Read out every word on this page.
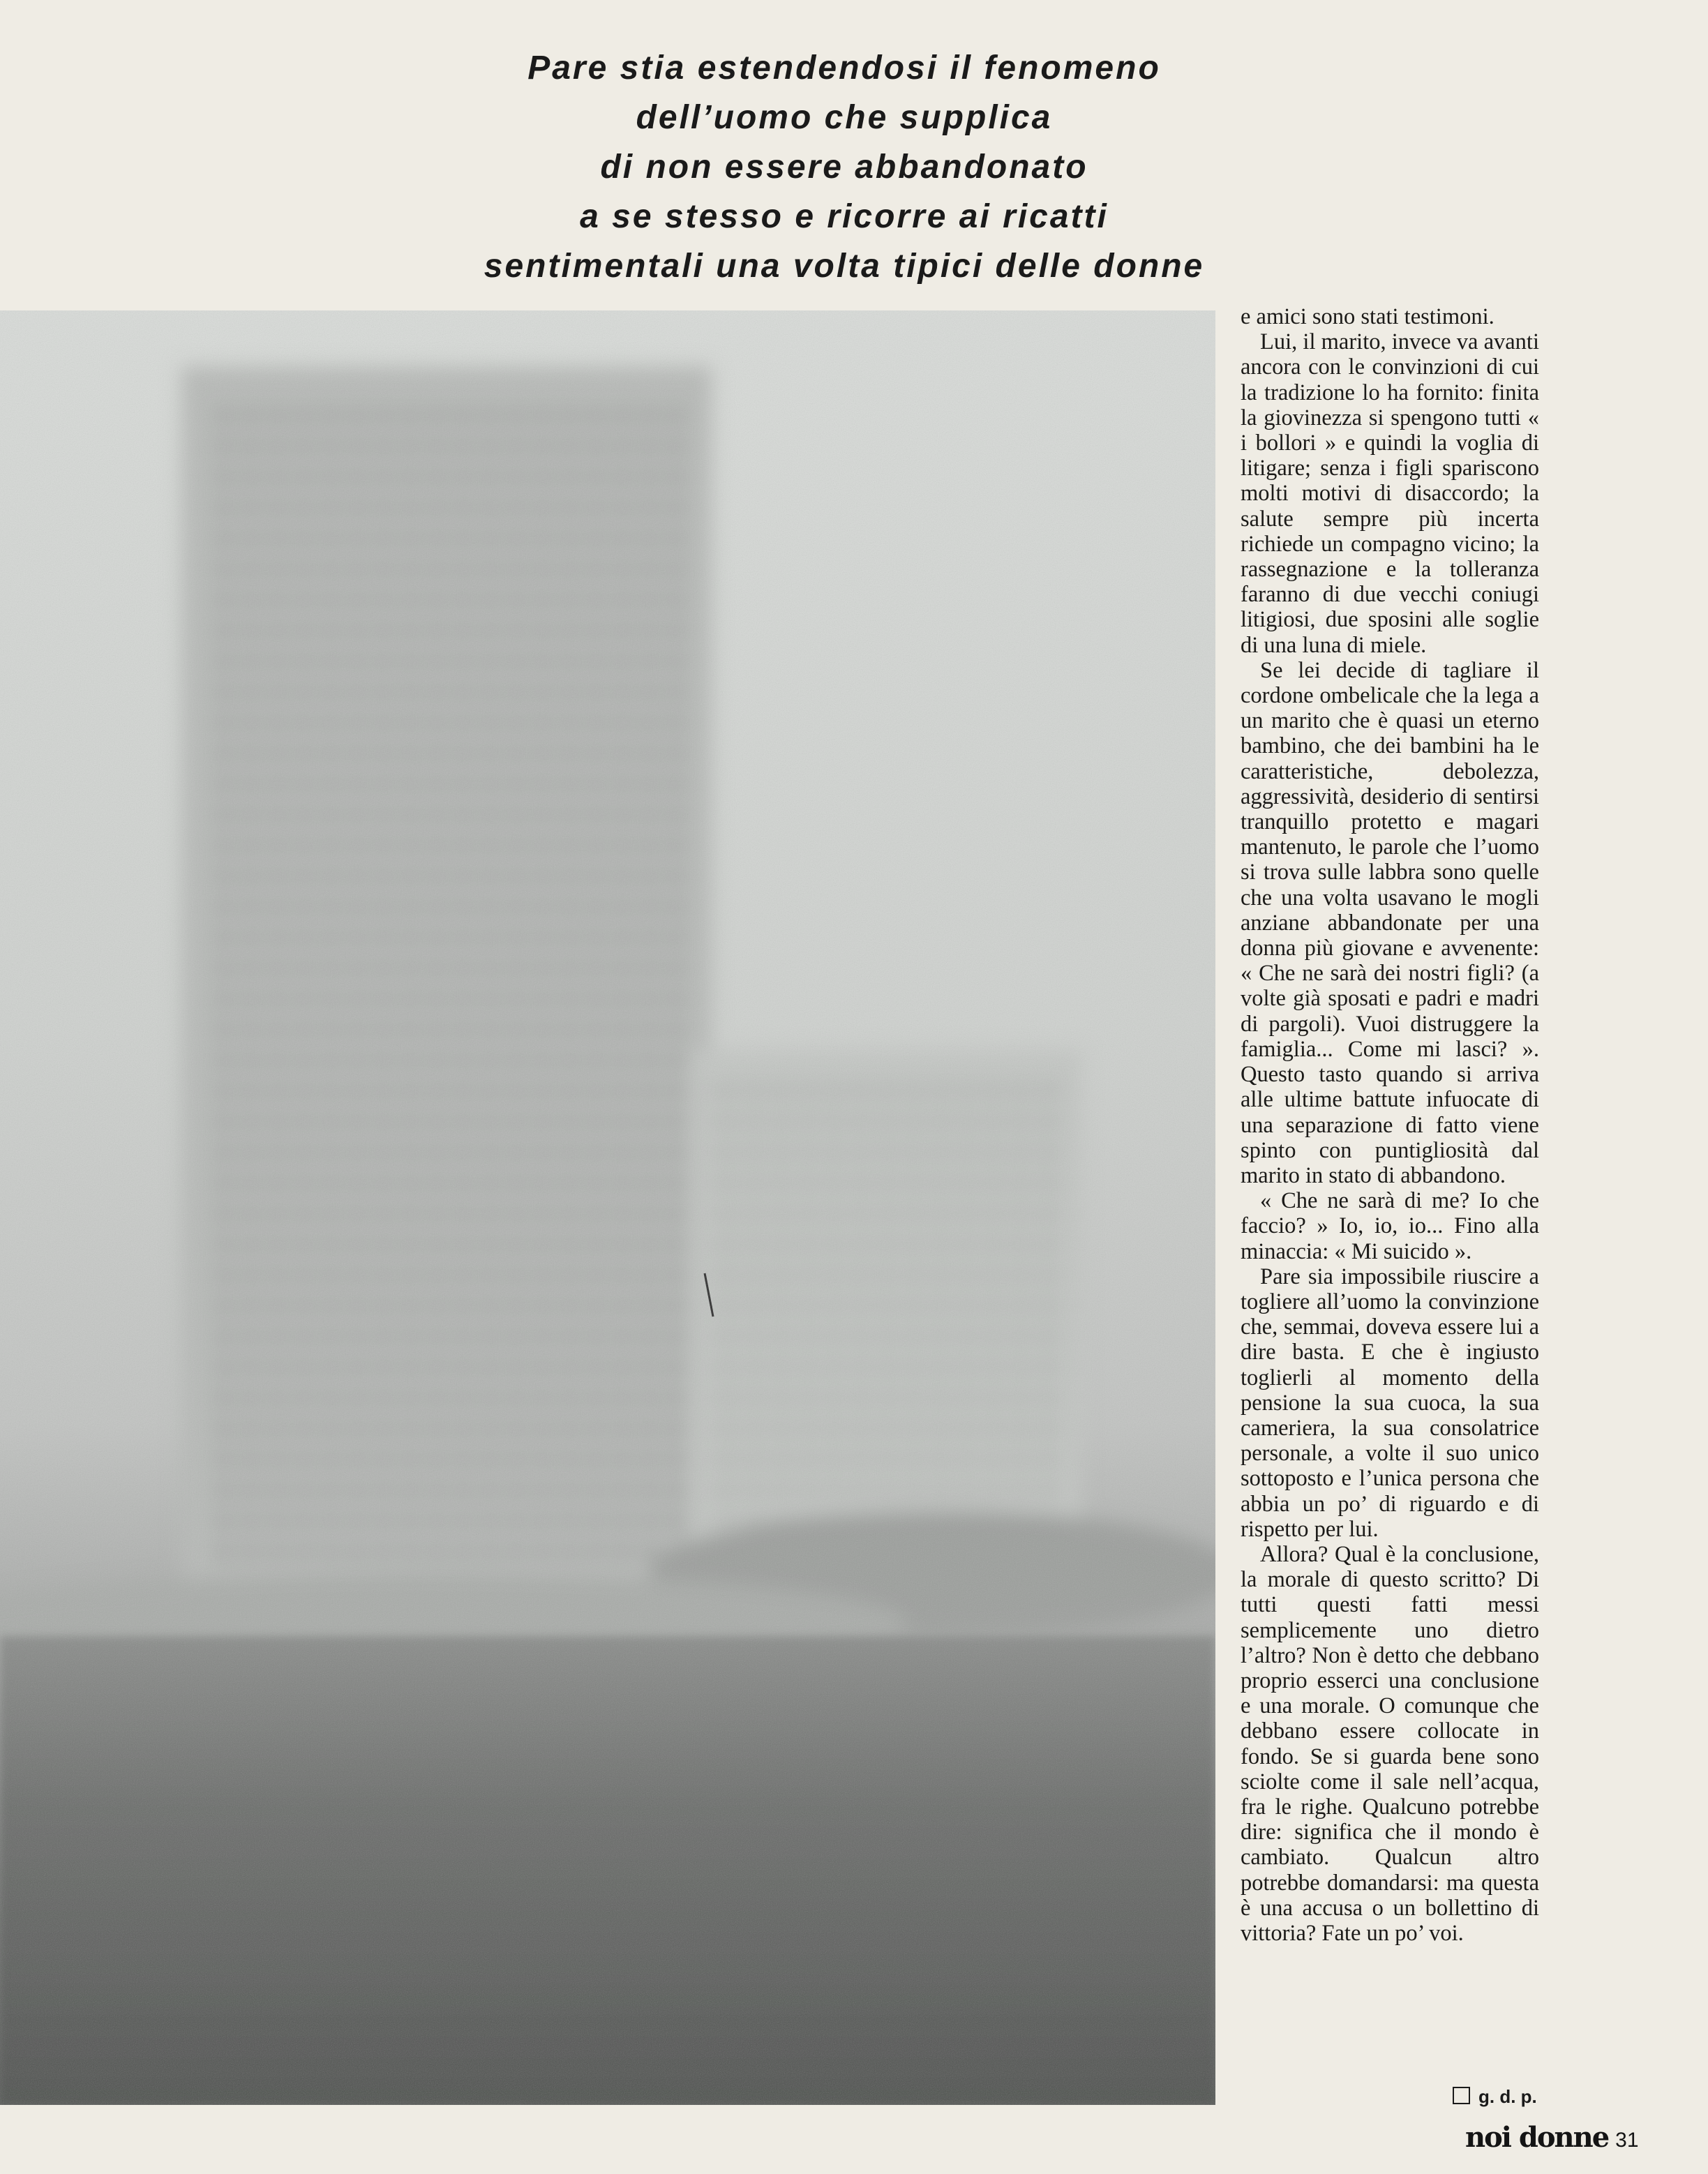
Pare stia estendendosi il fenomeno
dell’uomo che supplica
di non essere abbandonato
a se stesso e ricorre ai ricatti
sentimentali una volta tipici delle donne

e amici sono stati testimoni.

Lui, il marito, invece va avanti ancora con le convinzioni di cui la tradizione lo ha fornito: finita la giovinezza si spengono tutti « i bollori » e quindi la voglia di litigare; senza i figli spariscono molti motivi di disaccordo; la salute sempre più incerta richiede un compagno vicino; la rassegnazione e la tolleranza faranno di due vecchi coniugi litigiosi, due sposini alle soglie di una luna di miele.

Se lei decide di tagliare il cordone ombelicale che la lega a un marito che è quasi un eterno bambino, che dei bambini ha le caratteristiche, debolezza, aggressività, desiderio di sentirsi tranquillo protetto e magari mantenuto, le parole che l’uomo si trova sulle labbra sono quelle che una volta usavano le mogli anziane abbandonate per una donna più giovane e avvenente: « Che ne sarà dei nostri figli? (a volte già sposati e padri e madri di pargoli). Vuoi distruggere la famiglia... Come mi lasci? ». Questo tasto quando si arriva alle ultime battute infuocate di una separazione di fatto viene spinto con puntigliosità dal marito in stato di abbandono.

« Che ne sarà di me? Io che faccio? » Io, io, io... Fino alla minaccia: « Mi suicido ».

Pare sia impossibile riuscire a togliere all’uomo la convinzione che, semmai, doveva essere lui a dire basta. E che è ingiusto toglierli al momento della pensione la sua cuoca, la sua cameriera, la sua consolatrice personale, a volte il suo unico sottoposto e l’unica persona che abbia un po’ di riguardo e di rispetto per lui.

Allora? Qual è la conclusione, la morale di questo scritto? Di tutti questi fatti messi semplicemente uno dietro l’altro? Non è detto che debbano proprio esserci una conclusione e una morale. O comunque che debbano essere collocate in fondo. Se si guarda bene sono sciolte come il sale nell’acqua, fra le righe. Qualcuno potrebbe dire: significa che il mondo è cambiato. Qualcun altro potrebbe domandarsi: ma questa è una accusa o un bollettino di vittoria? Fate un po’ voi.

g. d. p.
noi donne 31
